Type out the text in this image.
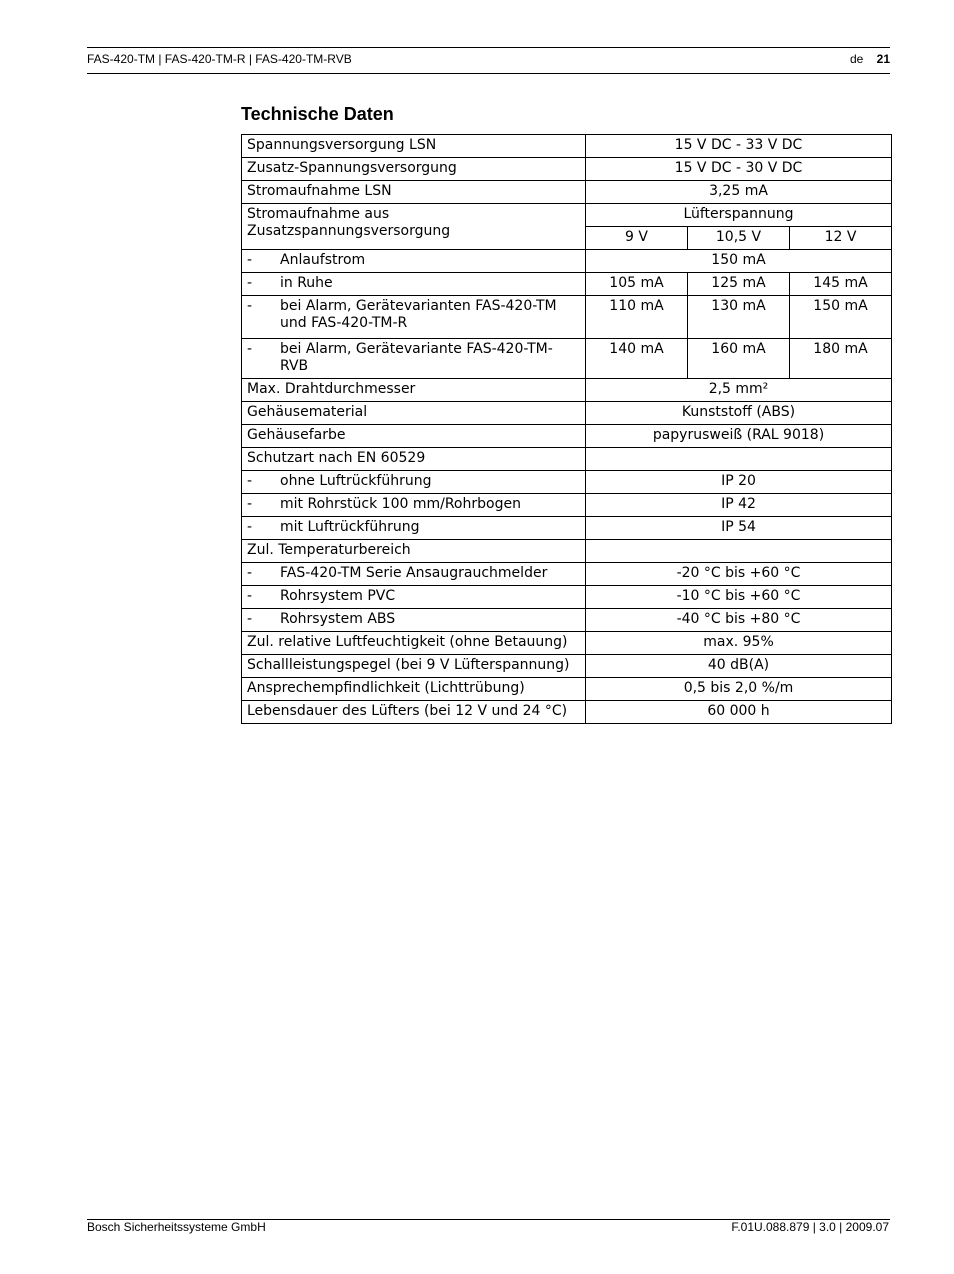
FAS-420-TM | FAS-420-TM-R | FAS-420-TM-RVB	de 21
Technische Daten
Spannungsversorgung LSN	15 V DC - 33 V DC		
Zusatz-Spannungsversorgung	15 V DC - 30 V DC		
Stromaufnahme LSN	3,25 mA		
Stromaufnahme aus Zusatzspannungsversorgung	Lüfterspannung		
	9 V	10,5 V	12 V
- Anlaufstrom	150 mA		
- in Ruhe	105 mA	125 mA	145 mA
- bei Alarm, Gerätevarianten FAS-420-TM und FAS-420-TM-R	110 mA	130 mA	150 mA
- bei Alarm, Gerätevariante FAS-420-TM-RVB	140 mA	160 mA	180 mA
Max. Drahtdurchmesser	2,5 mm²		
Gehäusematerial	Kunststoff (ABS)		
Gehäusefarbe	papyrusweiß (RAL 9018)		
Schutzart nach EN 60529			
- ohne Luftrückführung	IP 20		
- mit Rohrstück 100 mm/Rohrbogen	IP 42		
- mit Luftrückführung	IP 54		
Zul. Temperaturbereich			
- FAS-420-TM Serie Ansaugrauchmelder	-20 °C bis +60 °C		
- Rohrsystem PVC	-10 °C bis +60 °C		
- Rohrsystem ABS	-40 °C bis +80 °C		
Zul. relative Luftfeuchtigkeit (ohne Betauung)	max. 95%		
Schallleistungspegel (bei 9 V Lüfterspannung)	40 dB(A)		
Ansprechempfindlichkeit (Lichttrübung)	0,5 bis 2,0 %/m		
Lebensdauer des Lüfters (bei 12 V und 24 °C)	60 000 h		
Bosch Sicherheitssysteme GmbH	F.01U.088.879 | 3.0 | 2009.07
